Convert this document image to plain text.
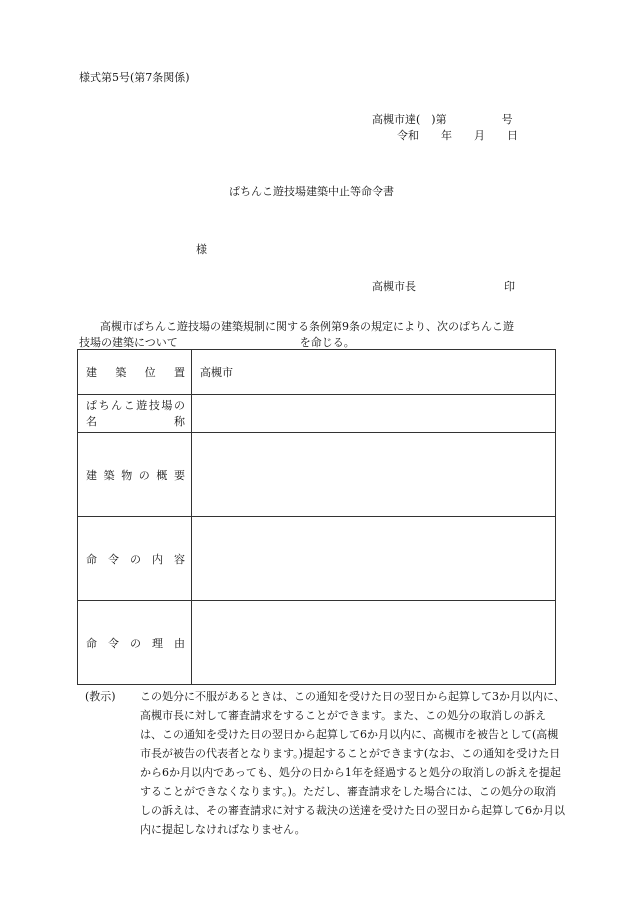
様式第5号(第7条関係)
高槻市達(　)第　　　　　号
令和　　年　　月　　日
ぱちんこ遊技場建築中止等命令書
様
高槻市長　　　　　　　　印
高槻市ぱちんこ遊技場の建築規制に関する条例第9条の規定により、次のぱちんこ遊
技場の建築について	を命じる。
建 築 位 置	高槻市

ぱちんこ遊技場の
名　　称	

建築物の概要	
命令の内容	
命令の理由	
(教示) この処分に不服があるときは、この通知を受けた日の翌日から起算して3か月以内に、高槻市長に対して審査請求をすることができます。また、この処分の取消しの訴えは、この通知を受けた日の翌日から起算して6か月以内に、高槻市を被告として(高槻市長が被告の代表者となります。)提起することができます(なお、この通知を受けた日から6か月以内であっても、処分の日から1年を経過すると処分の取消しの訴えを提起することができなくなります。)。ただし、審査請求をした場合には、この処分の取消しの訴えは、その審査請求に対する裁決の送達を受けた日の翌日から起算して6か月以内に提起しなければなりません。
